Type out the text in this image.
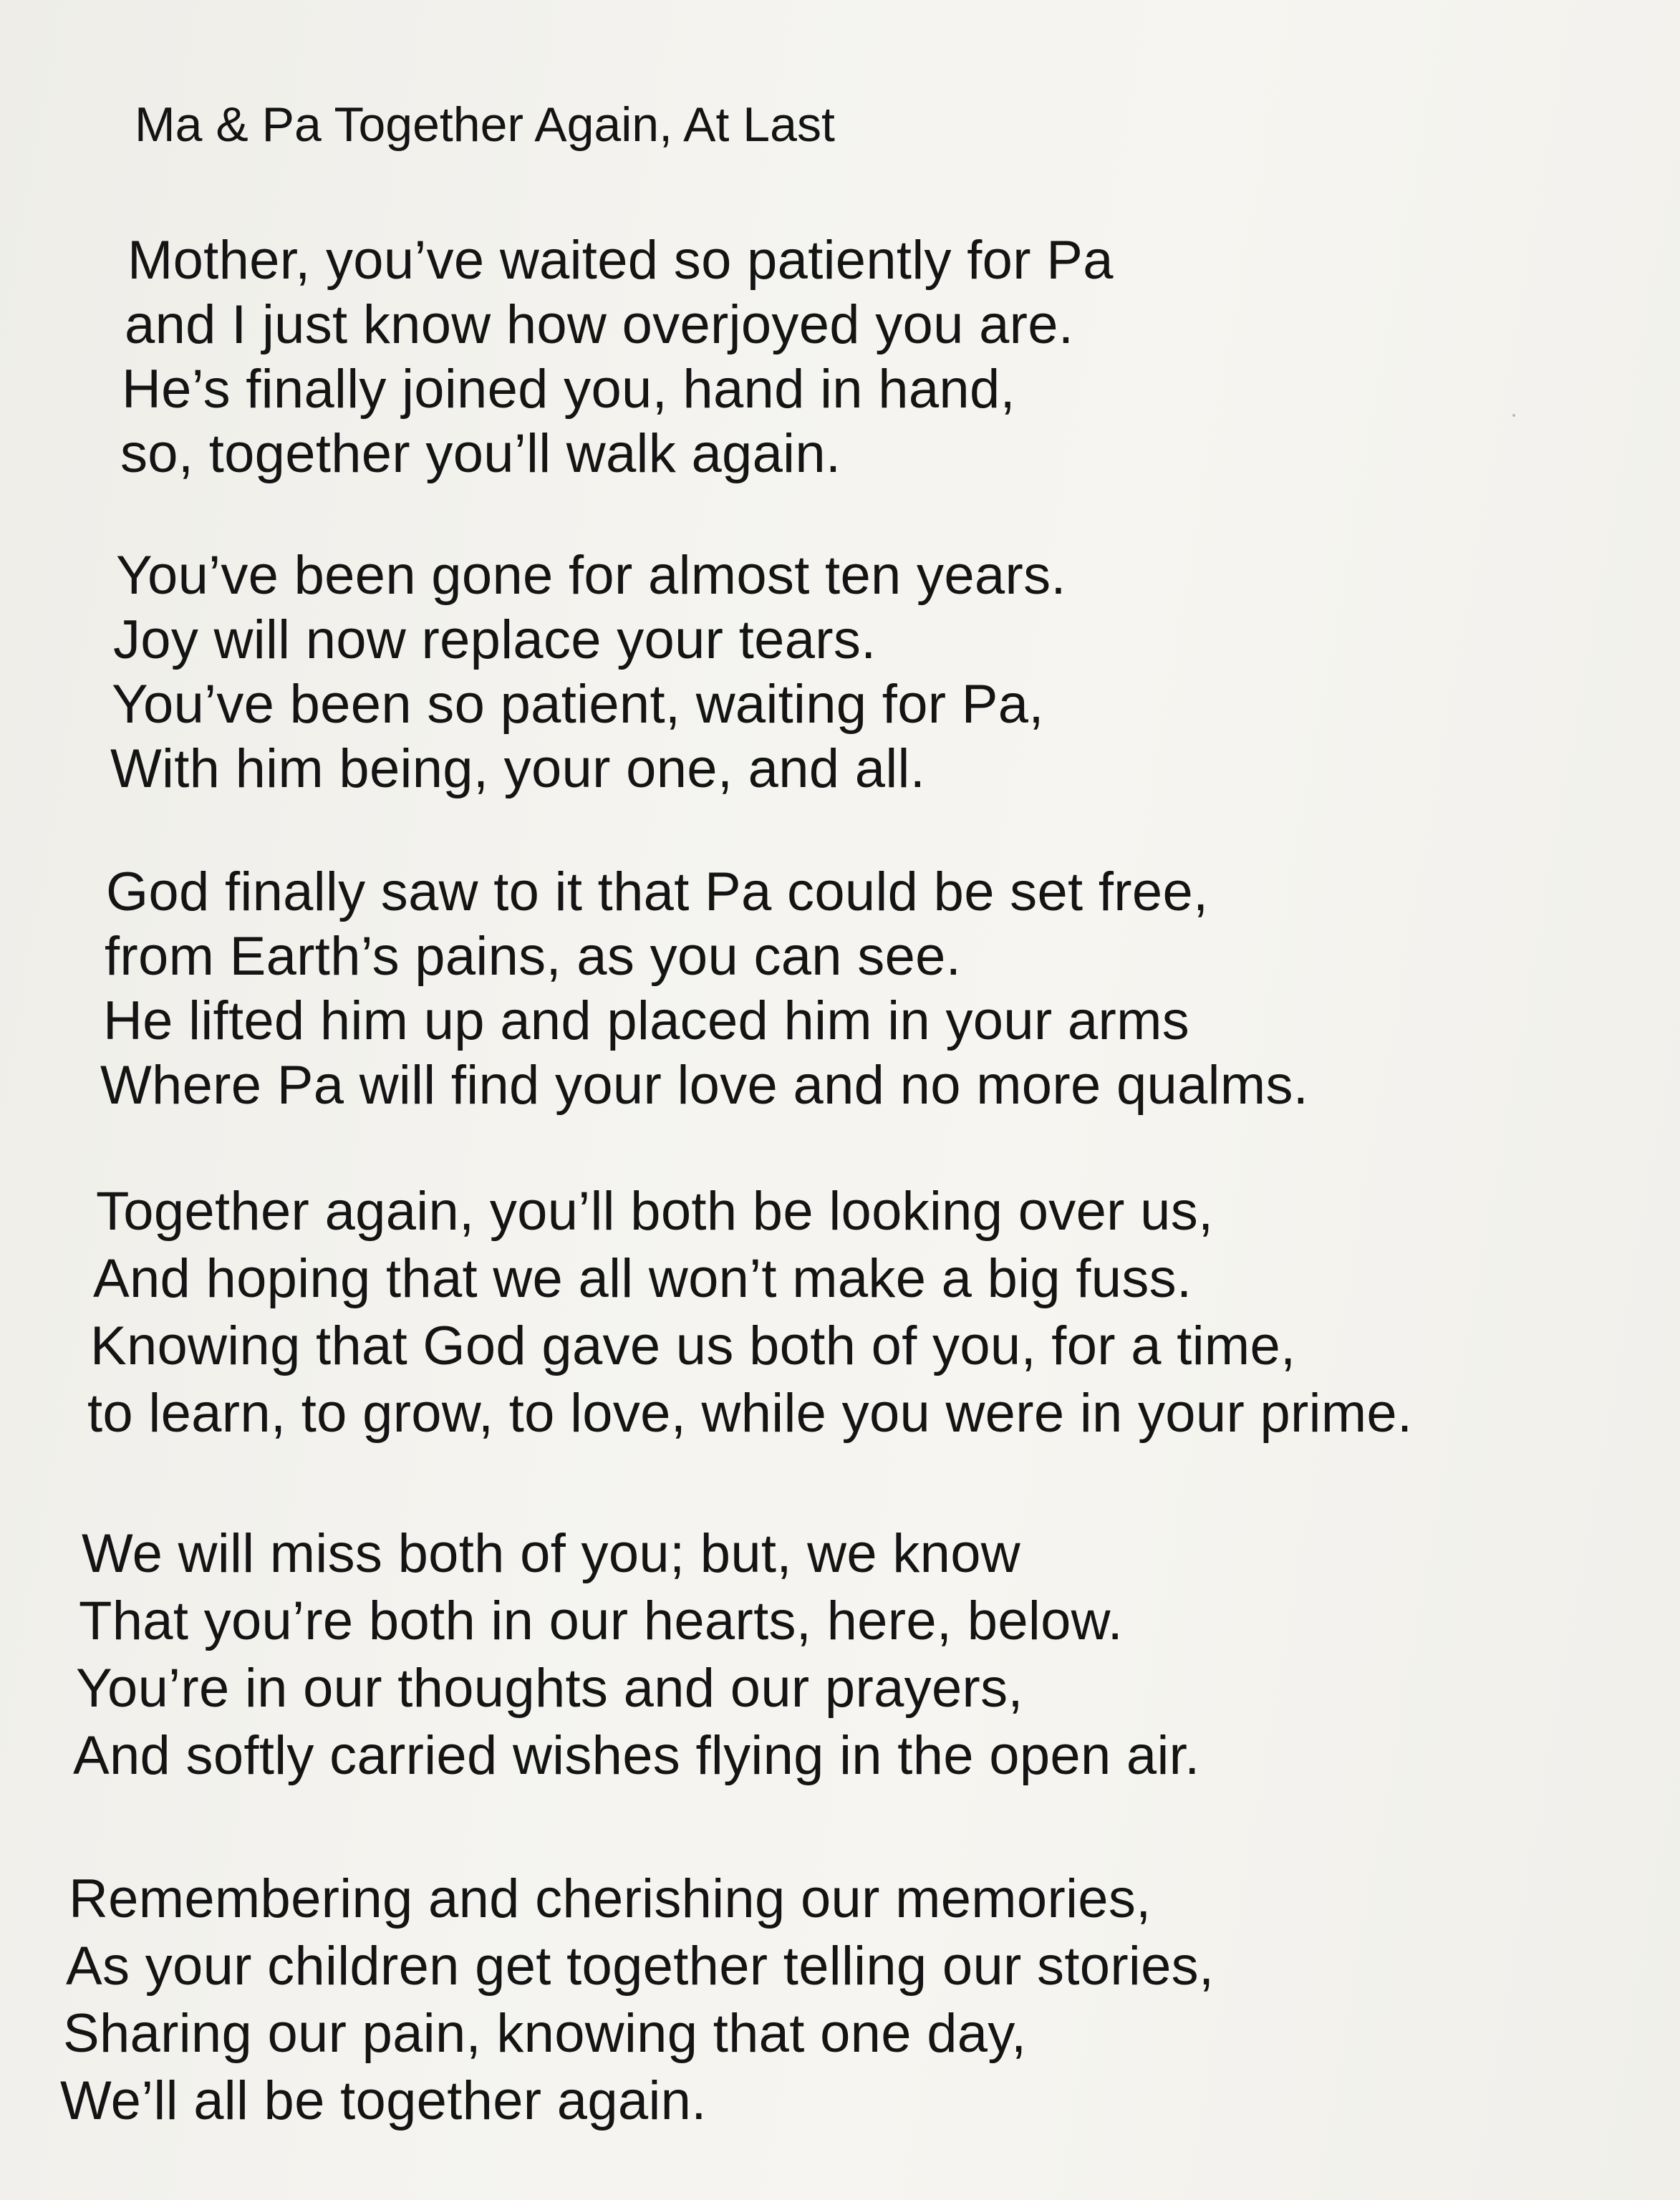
Ma & Pa Together Again, At Last

Mother, you’ve waited so patiently for Pa

and I just know how overjoyed you are.

He’s finally joined you, hand in hand,

so, together you’ll walk again.

You’ve been gone for almost ten years.

Joy will now replace your tears.

You’ve been so patient, waiting for Pa,

With him being, your one, and all.

God finally saw to it that Pa could be set free,

from Earth’s pains, as you can see.

He lifted him up and placed him in your arms

Where Pa will find your love and no more qualms.

Together again, you’ll both be looking over us,

And hoping that we all won’t make a big fuss.

Knowing that God gave us both of you, for a time,

to learn, to grow, to love, while you were in your prime.

We will miss both of you; but, we know

That you’re both in our hearts, here, below.

You’re in our thoughts and our prayers,

And softly carried wishes flying in the open air.

Remembering and cherishing our memories,

As your children get together telling our stories,

Sharing our pain, knowing that one day,

We’ll all be together again.
